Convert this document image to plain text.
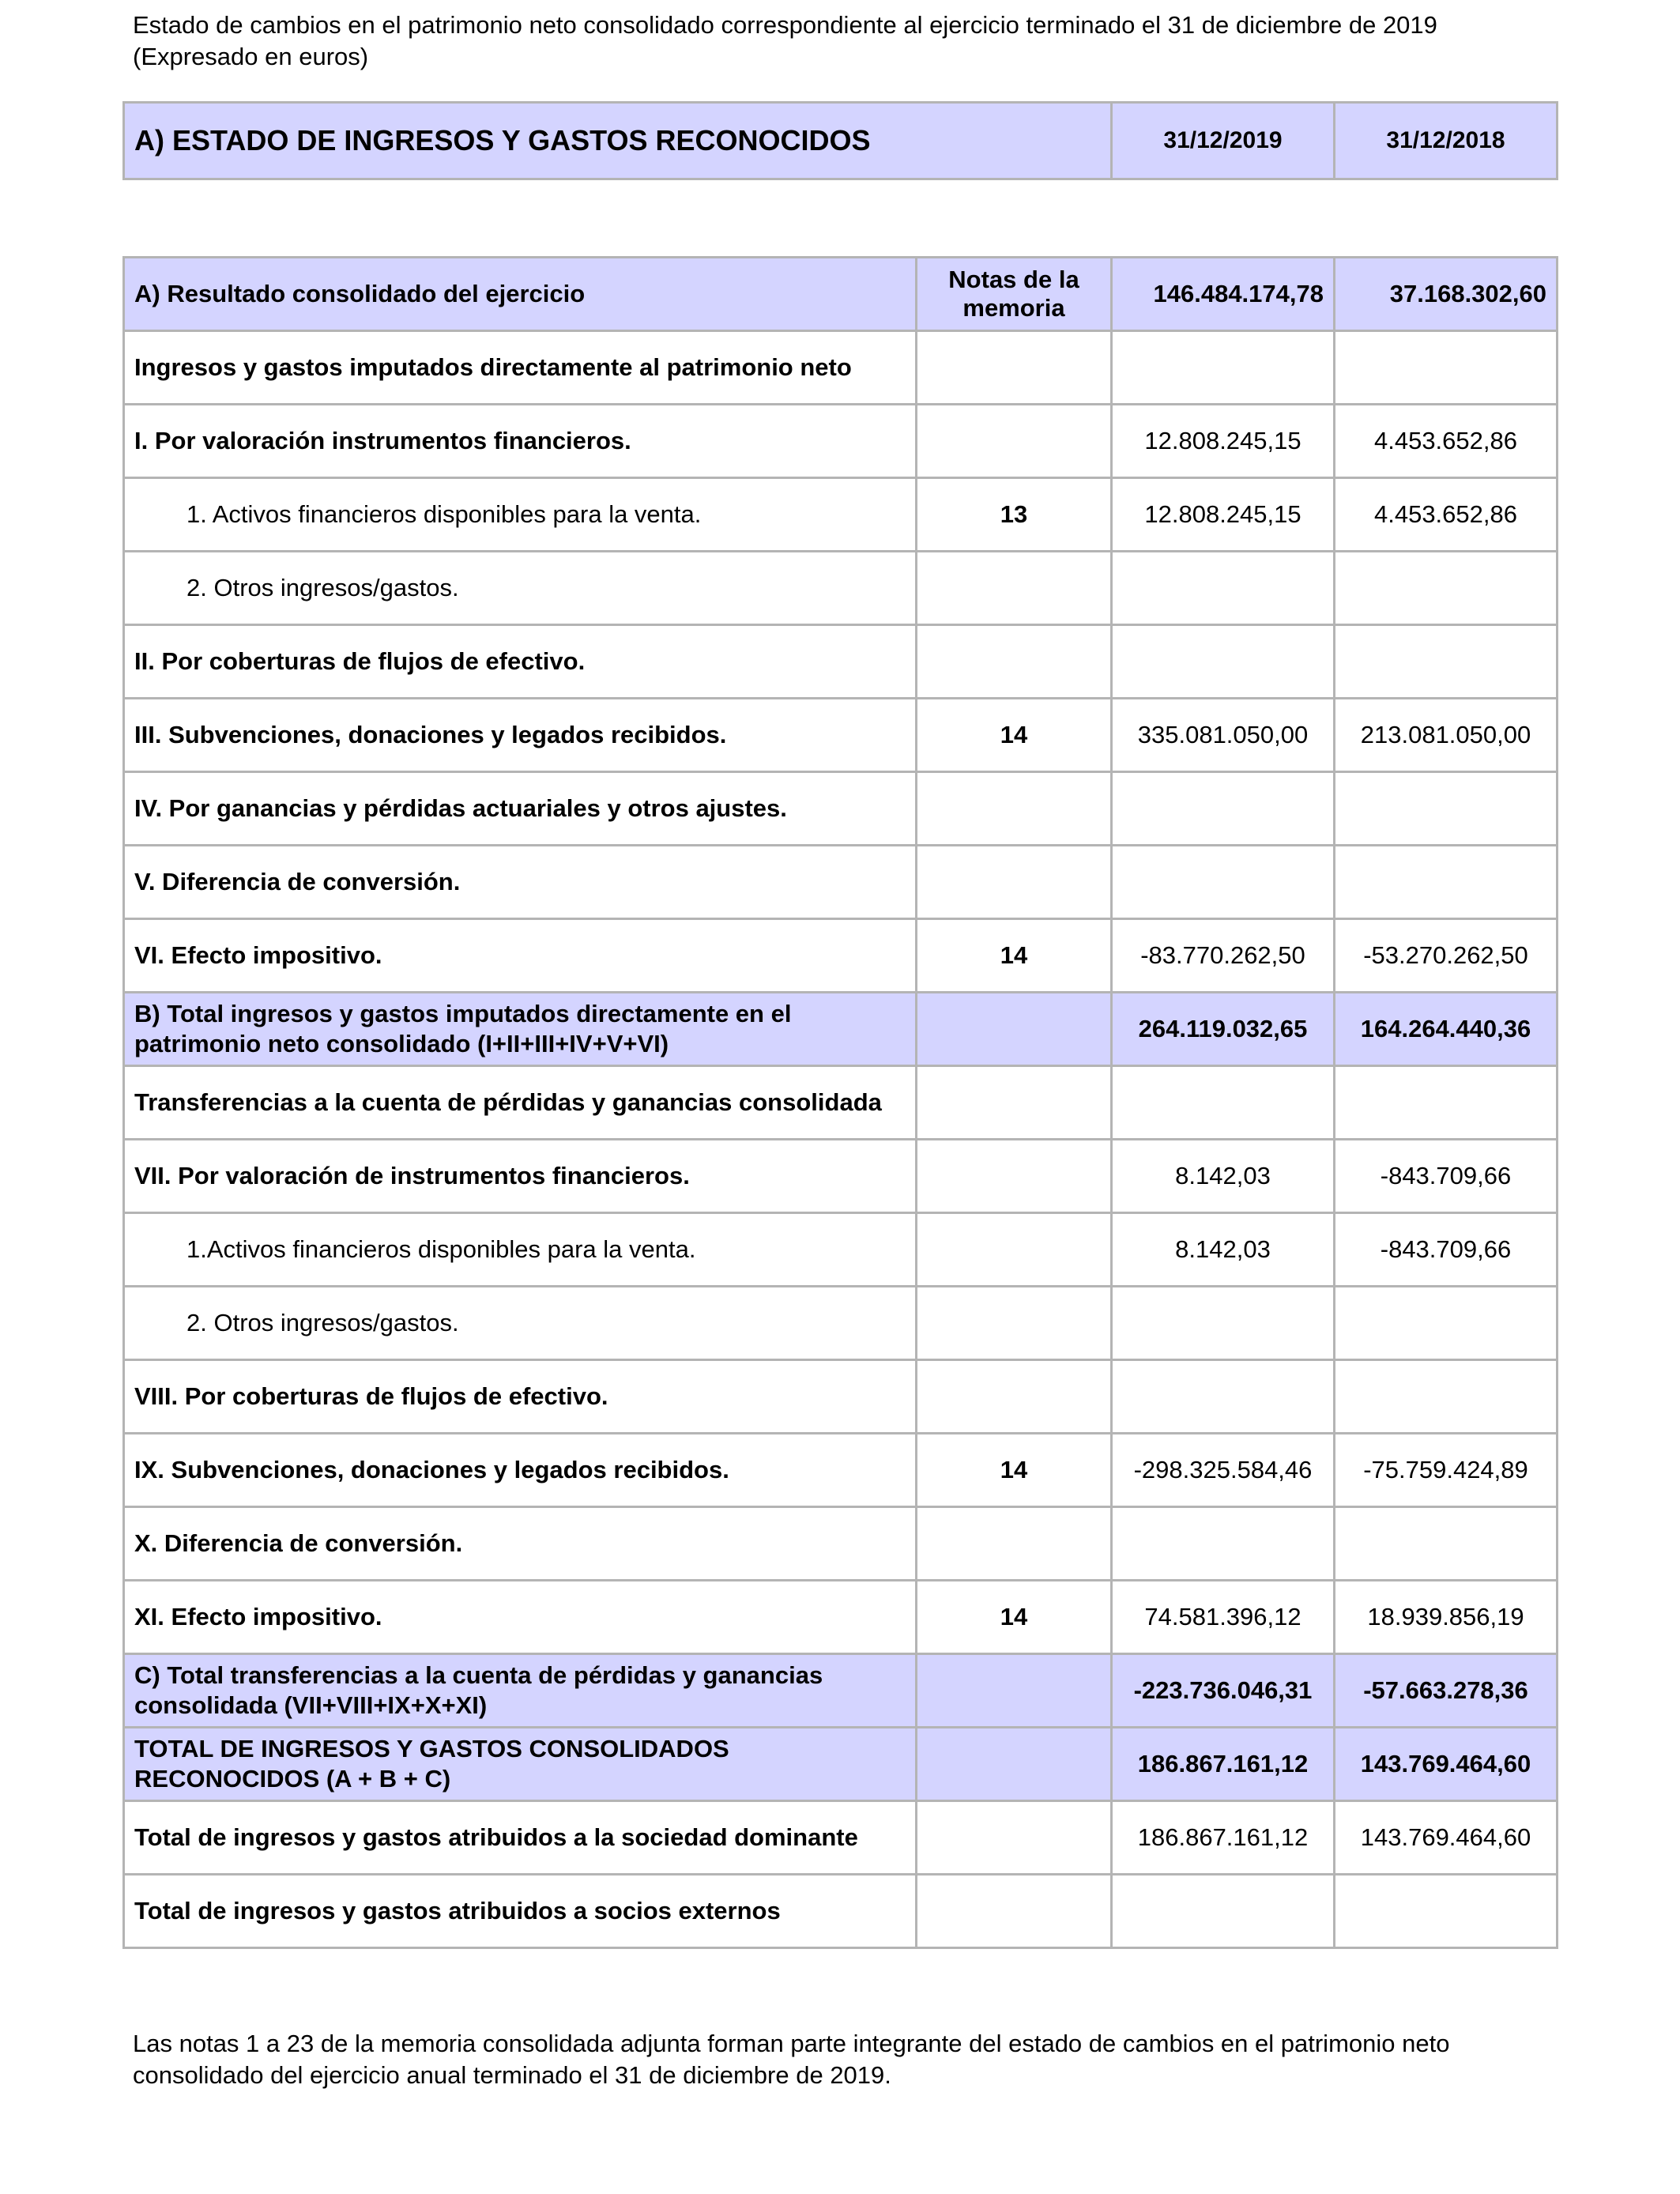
Estado de cambios en el patrimonio neto consolidado correspondiente al ejercicio terminado el 31 de diciembre de 2019
(Expresado en euros)
A) ESTADO DE INGRESOS Y GASTOS RECONOCIDOS	31/12/2019	31/12/2018
A) Resultado consolidado del ejercicio	Notas de la memoria	146.484.174,78	37.168.302,60
Ingresos y gastos imputados directamente al patrimonio neto			
I. Por valoración instrumentos financieros.		12.808.245,15	4.453.652,86
1. Activos financieros disponibles para la venta.	13	12.808.245,15	4.453.652,86
2. Otros ingresos/gastos.			
II. Por coberturas de flujos de efectivo.			
III. Subvenciones, donaciones y legados recibidos.	14	335.081.050,00	213.081.050,00
IV. Por ganancias y pérdidas actuariales y otros ajustes.			
V. Diferencia de conversión.			
VI. Efecto impositivo.	14	-83.770.262,50	-53.270.262,50
B) Total ingresos y gastos imputados directamente en el patrimonio neto consolidado (I+II+III+IV+V+VI)		264.119.032,65	164.264.440,36
Transferencias a la cuenta de pérdidas y ganancias consolidada			
VII. Por valoración de instrumentos financieros.		8.142,03	-843.709,66
1.Activos financieros disponibles para la venta.		8.142,03	-843.709,66
2. Otros ingresos/gastos.			
VIII. Por coberturas de flujos de efectivo.			
IX. Subvenciones, donaciones y legados recibidos.	14	-298.325.584,46	-75.759.424,89
X. Diferencia de conversión.			
XI. Efecto impositivo.	14	74.581.396,12	18.939.856,19
C) Total transferencias a la cuenta de pérdidas y ganancias consolidada (VII+VIII+IX+X+XI)		-223.736.046,31	-57.663.278,36
TOTAL DE INGRESOS Y GASTOS CONSOLIDADOS RECONOCIDOS (A + B + C)		186.867.161,12	143.769.464,60
Total de ingresos y gastos atribuidos a la sociedad dominante		186.867.161,12	143.769.464,60
Total de ingresos y gastos atribuidos a socios externos			
Las notas 1 a 23 de la memoria consolidada adjunta forman parte integrante del estado de cambios en el patrimonio neto
consolidado del ejercicio anual terminado el 31 de diciembre de 2019.
